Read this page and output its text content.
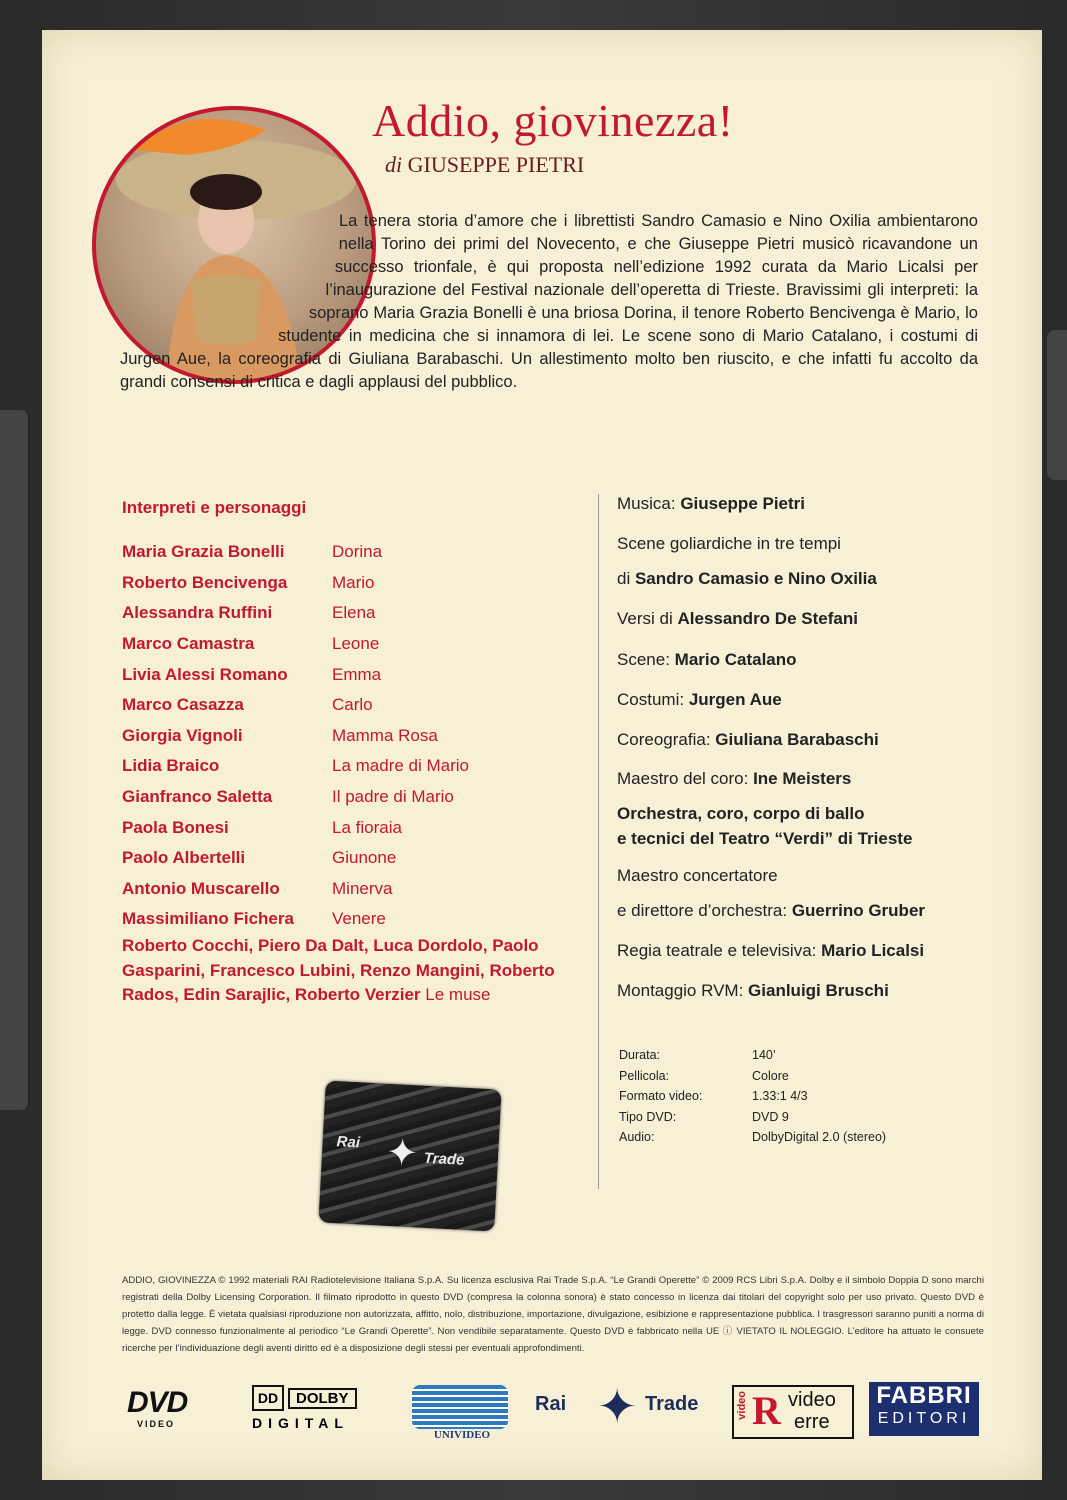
Addio, giovinezza!
di GIUSEPPE PIETRI
La tenera storia d’amore che i librettisti Sandro Camasio e Nino Oxilia ambientarono nella Torino dei primi del Novecento, e che Giuseppe Pietri musicò ricavandone un successo trionfale, è qui proposta nell’edizione 1992 curata da Mario Licalsi per l’inaugurazione del Festival nazionale dell’operetta di Trieste. Bravissimi gli interpreti: la soprano Maria Grazia Bonelli è una briosa Dorina, il tenore Roberto Bencivenga è Mario, lo studente in medicina che si innamora di lei. Le scene sono di Mario Catalano, i costumi di Jurgen Aue, la coreografia di Giuliana Barabaschi. Un allestimento molto ben riuscito, e che infatti fu accolto da grandi consensi di critica e dagli applausi del pubblico.
Interpreti e personaggi
Maria Grazia Bonelli	Dorina
Roberto Bencivenga	Mario
Alessandra Ruffini	Elena
Marco Camastra	Leone
Livia Alessi Romano	Emma
Marco Casazza	Carlo
Giorgia Vignoli	Mamma Rosa
Lidia Braico	La madre di Mario
Gianfranco Saletta	Il padre di Mario
Paola Bonesi	La fioraia
Paolo Albertelli	Giunone
Antonio Muscarello	Minerva
Massimiliano Fichera	Venere
Roberto Cocchi, Piero Da Dalt, Luca Dordolo, Paolo Gasparini, Francesco Lubini, Renzo Mangini, Roberto Rados, Edin Sarajlic, Roberto Verzier Le muse
Musica: Giuseppe Pietri
Scene goliardiche in tre tempi
di Sandro Camasio e Nino Oxilia
Versi di Alessandro De Stefani
Scene: Mario Catalano
Costumi: Jurgen Aue
Coreografia: Giuliana Barabaschi
Maestro del coro: Ine Meisters
Orchestra, coro, corpo di ballo
e tecnici del Teatro “Verdi” di Trieste
Maestro concertatore
e direttore d’orchestra: Guerrino Gruber
Regia teatrale e televisiva: Mario Licalsi
Montaggio RVM: Gianluigi Bruschi
Durata:	140’
Pellicola:	Colore
Formato video:	1.33:1 4/3
Tipo DVD:	DVD 9
Audio:	DolbyDigital 2.0 (stereo)
Rai ✦ Trade
ADDIO, GIOVINEZZA © 1992 materiali RAI Radiotelevisione Italiana S.p.A. Su licenza esclusiva Rai Trade S.p.A. “Le Grandi Operette” © 2009 RCS Libri S.p.A. Dolby e il simbolo Doppia D sono marchi registrati della Dolby Licensing Corporation. Il filmato riprodotto in questo DVD (compresa la colonna sonora) è stato concesso in licenza dai titolari del copyright solo per uso privato. Questo DVD è protetto dalla legge. È vietata qualsiasi riproduzione non autorizzata, affitto, nolo, distribuzione, importazione, divulgazione, esibizione e rappresentazione pubblica. I trasgressori saranno puniti a norma di legge. DVD connesso funzionalmente al periodico “Le Grandi Operette”. Non vendibile separatamente. Questo DVD è fabbricato nella UE ⓘ VIETATO IL NOLEGGIO. L’editore ha attuato le consuete ricerche per l’individuazione degli aventi diritto ed è a disposizione degli stessi per eventuali approfondimenti.
DVD
VIDEO
DD	DOLBY
DIGITAL
UNIVIDEO
Rai ✦ Trade	video R video
erre
FABBRI
EDITORI
